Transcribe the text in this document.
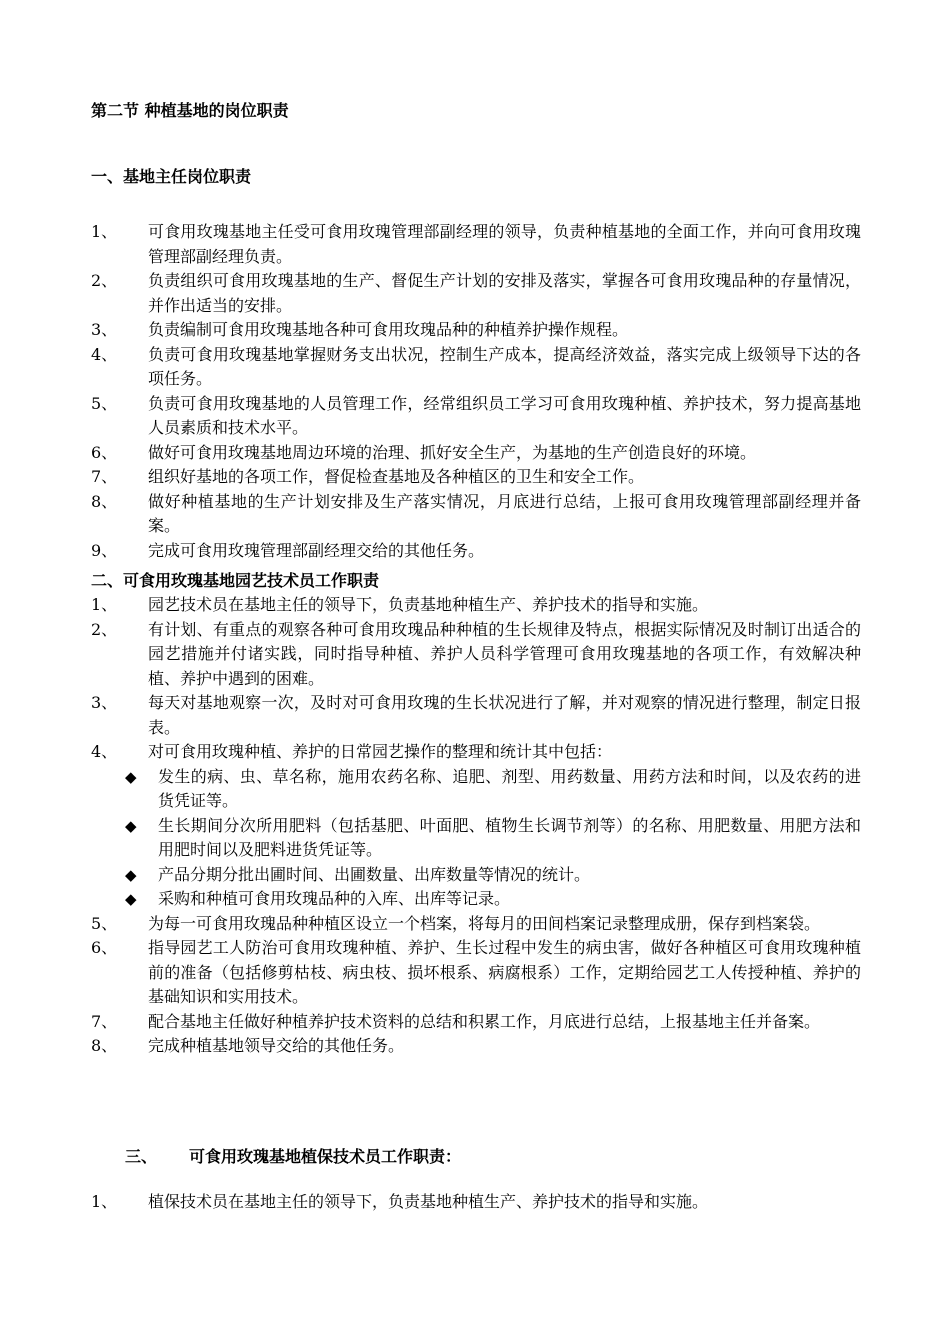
第二节 种植基地的岗位职责
一、基地主任岗位职责
1、 可食用玫瑰基地主任受可食用玫瑰管理部副经理的领导，负责种植基地的全面工作，并向可食用玫瑰管理部副经理负责。
2、 负责组织可食用玫瑰基地的生产、督促生产计划的安排及落实，掌握各可食用玫瑰品种的存量情况，并作出适当的安排。
3、 负责编制可食用玫瑰基地各种可食用玫瑰品种的种植养护操作规程。
4、 负责可食用玫瑰基地掌握财务支出状况，控制生产成本，提高经济效益，落实完成上级领导下达的各项任务。
5、 负责可食用玫瑰基地的人员管理工作，经常组织员工学习可食用玫瑰种植、养护技术，努力提高基地人员素质和技术水平。
6、 做好可食用玫瑰基地周边环境的治理、抓好安全生产，为基地的生产创造良好的环境。
7、 组织好基地的各项工作，督促检查基地及各种植区的卫生和安全工作。
8、 做好种植基地的生产计划安排及生产落实情况，月底进行总结，上报可食用玫瑰管理部副经理并备案。
9、 完成可食用玫瑰管理部副经理交给的其他任务。
二、可食用玫瑰基地园艺技术员工作职责
1、 园艺技术员在基地主任的领导下，负责基地种植生产、养护技术的指导和实施。
2、 有计划、有重点的观察各种可食用玫瑰品种种植的生长规律及特点，根据实际情况及时制订出适合的园艺措施并付诸实践，同时指导种植、养护人员科学管理可食用玫瑰基地的各项工作，有效解决种植、养护中遇到的困难。
3、 每天对基地观察一次，及时对可食用玫瑰的生长状况进行了解，并对观察的情况进行整理，制定日报表。
4、 对可食用玫瑰种植、养护的日常园艺操作的整理和统计其中包括：
◆ 发生的病、虫、草名称，施用农药名称、追肥、剂型、用药数量、用药方法和时间，以及农药的进货凭证等。
◆ 生长期间分次所用肥料（包括基肥、叶面肥、植物生长调节剂等）的名称、用肥数量、用肥方法和用肥时间以及肥料进货凭证等。
◆ 产品分期分批出圃时间、出圃数量、出库数量等情况的统计。
◆ 采购和种植可食用玫瑰品种的入库、出库等记录。
5、 为每一可食用玫瑰品种种植区设立一个档案，将每月的田间档案记录整理成册，保存到档案袋。
6、 指导园艺工人防治可食用玫瑰种植、养护、生长过程中发生的病虫害，做好各种植区可食用玫瑰种植前的准备（包括修剪枯枝、病虫枝、损坏根系、病腐根系）工作，定期给园艺工人传授种植、养护的基础知识和实用技术。
7、 配合基地主任做好种植养护技术资料的总结和积累工作，月底进行总结，上报基地主任并备案。
8、 完成种植基地领导交给的其他任务。
三、 可食用玫瑰基地植保技术员工作职责：
1、 植保技术员在基地主任的领导下，负责基地种植生产、养护技术的指导和实施。
